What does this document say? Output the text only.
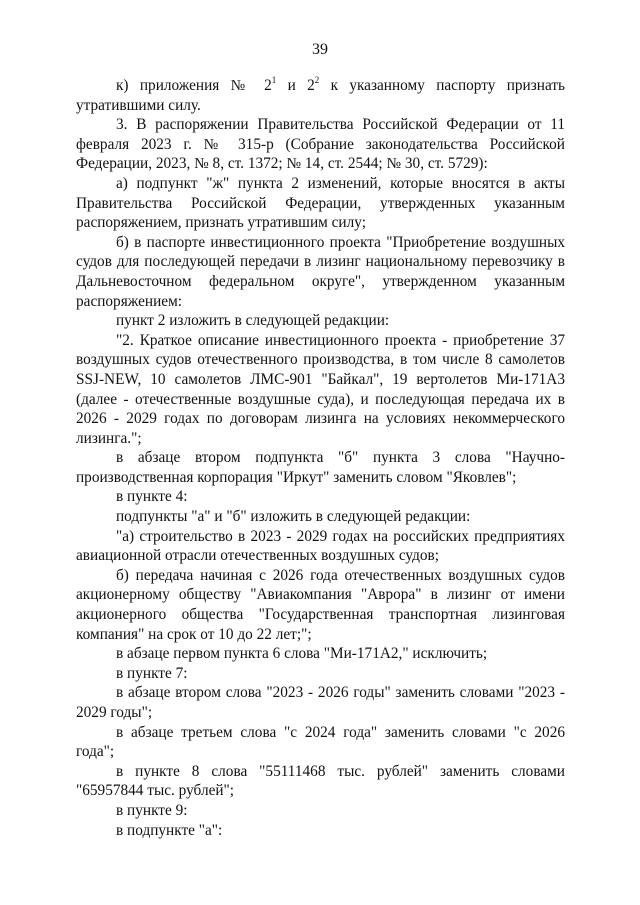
39

к) приложения № $2^1$ и $2^2$ к указанному паспорту признать утратившими силу.

3. В распоряжении Правительства Российской Федерации от 11 февраля 2023 г. № 315-р (Собрание законодательства Российской Федерации, 2023, № 8, ст. 1372; № 14, ст. 2544; № 30, ст. 5729):

а) подпункт "ж" пункта 2 изменений, которые вносятся в акты Правительства Российской Федерации, утвержденных указанным распоряжением, признать утратившим силу;

б) в паспорте инвестиционного проекта "Приобретение воздушных судов для последующей передачи в лизинг национальному перевозчику в Дальневосточном федеральном округе", утвержденном указанным распоряжением:

пункт 2 изложить в следующей редакции:

"2. Краткое описание инвестиционного проекта - приобретение 37 воздушных судов отечественного производства, в том числе 8 самолетов SSJ-NEW, 10 самолетов ЛМС-901 "Байкал", 19 вертолетов Ми-171А3 (далее - отечественные воздушные суда), и последующая передача их в 2026 - 2029 годах по договорам лизинга на условиях некоммерческого лизинга.";

в абзаце втором подпункта "б" пункта 3 слова "Научно-производственная корпорация "Иркут" заменить словом "Яковлев";

в пункте 4:

подпункты "а" и "б" изложить в следующей редакции:

"а) строительство в 2023 - 2029 годах на российских предприятиях авиационной отрасли отечественных воздушных судов;

б) передача начиная с 2026 года отечественных воздушных судов акционерному обществу "Авиакомпания "Аврора" в лизинг от имени акционерного общества "Государственная транспортная лизинговая компания" на срок от 10 до 22 лет;";

в абзаце первом пункта 6 слова "Ми-171А2," исключить;

в пункте 7:

в абзаце втором слова "2023 - 2026 годы" заменить словами "2023 - 2029 годы";

в абзаце третьем слова "с 2024 года" заменить словами "с 2026 года";

в пункте 8 слова "55111468 тыс. рублей" заменить словами "65957844 тыс. рублей";

в пункте 9:

в подпункте "а":
